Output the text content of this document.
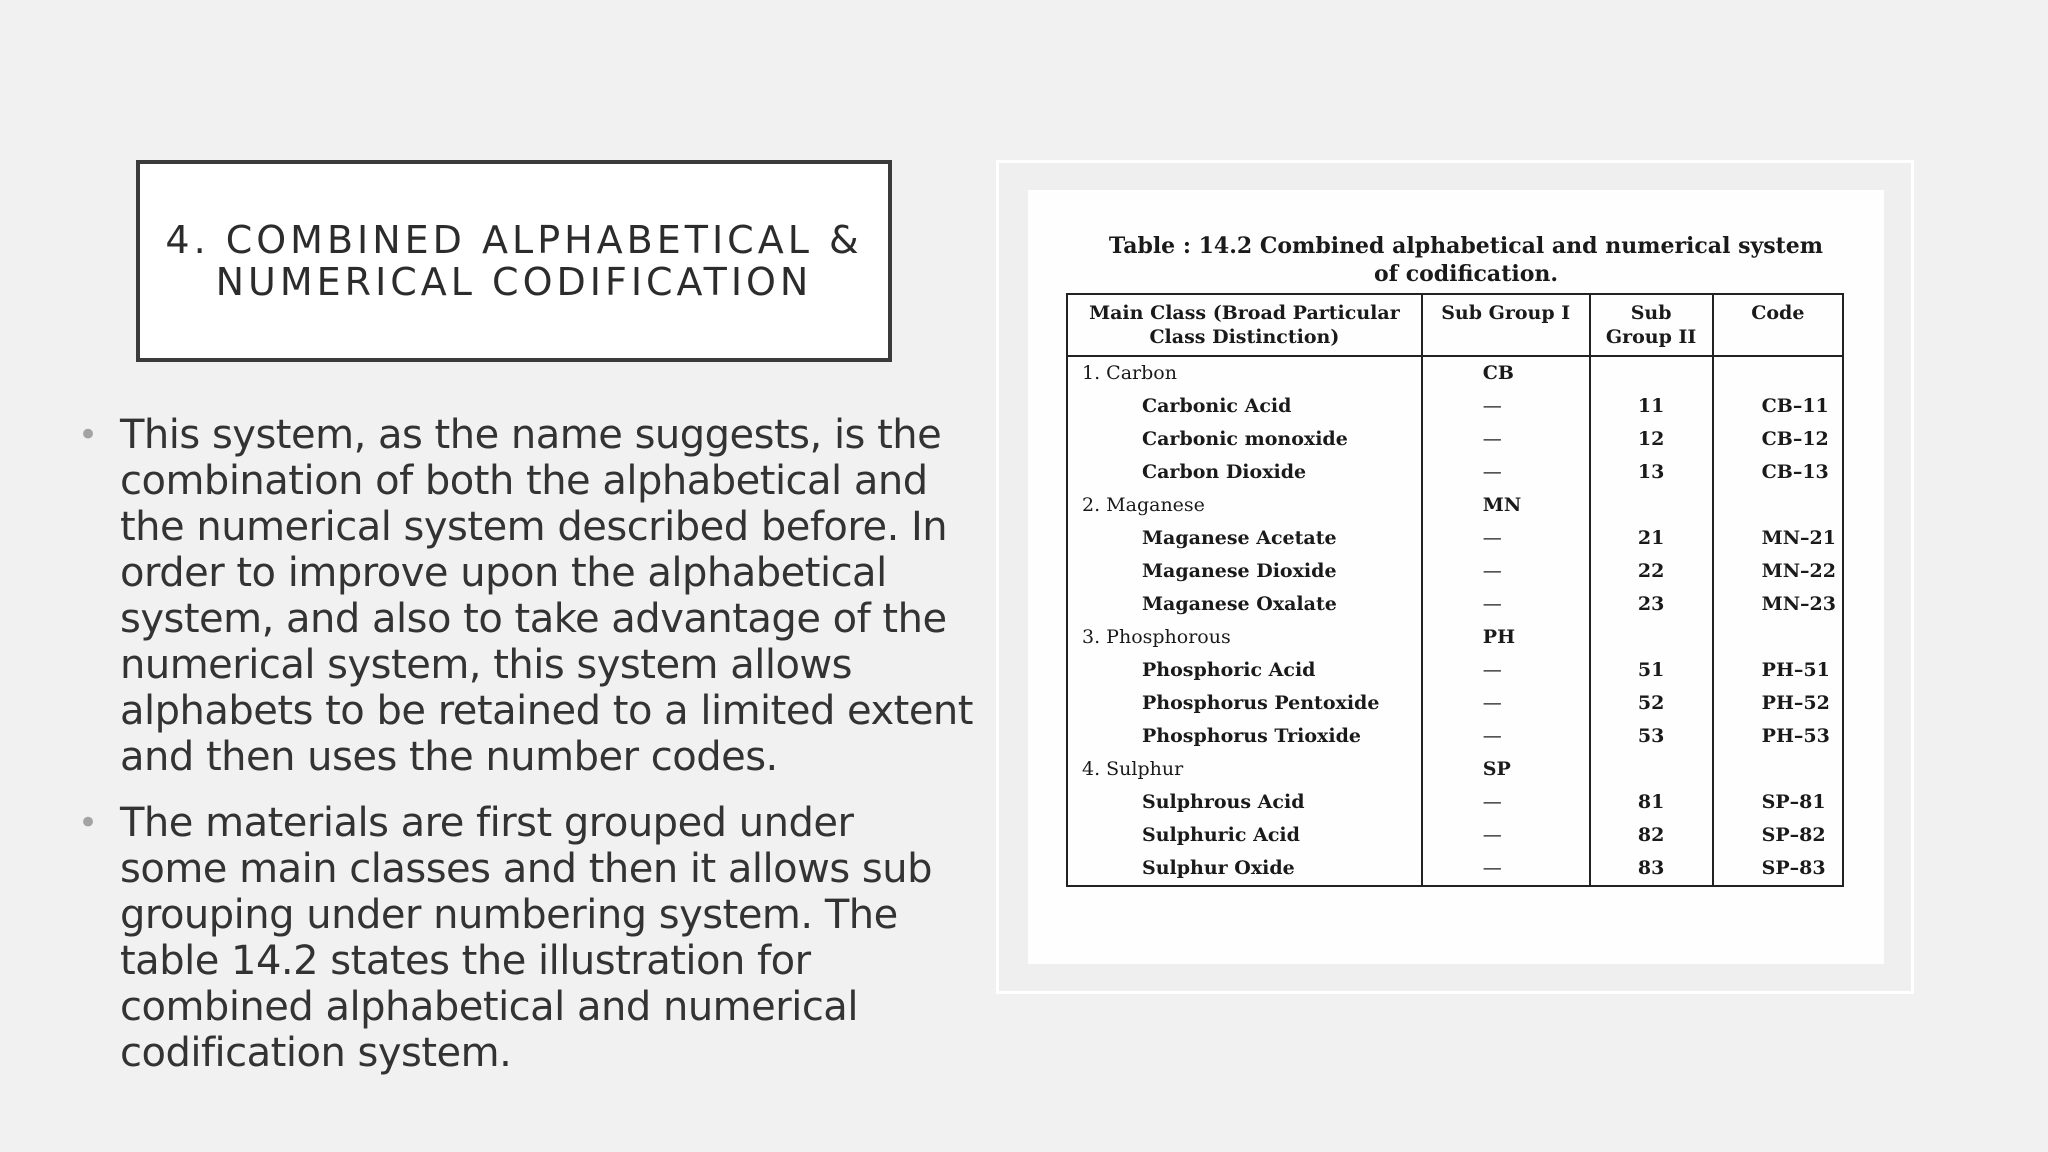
4. COMBINED ALPHABETICAL &
NUMERICAL CODIFICATION
• This system, as the name suggests, is the
combination of both the alphabetical and
the numerical system described before. In
order to improve upon the alphabetical
system, and also to take advantage of the
numerical system, this system allows
alphabets to be retained to a limited extent
and then uses the number codes.
• The materials are first grouped under
some main classes and then it allows sub
grouping under numbering system. The
table 14.2 states the illustration for
combined alphabetical and numerical
codification system.
Table : 14.2 Combined alphabetical and numerical system
of codification.
Main Class (Broad Particular Class Distinction)	Sub Group I	Sub Group II	Code
1. Carbon	CB		
Carbonic Acid	—	11	CB–11
Carbonic monoxide	—	12	CB–12
Carbon Dioxide	—	13	CB–13
2. Maganese	MN		
Maganese Acetate	—	21	MN–21
Maganese Dioxide	—	22	MN–22
Maganese Oxalate	—	23	MN–23
3. Phosphorous	PH		
Phosphoric Acid	—	51	PH–51
Phosphorus Pentoxide	—	52	PH–52
Phosphorus Trioxide	—	53	PH–53
4. Sulphur	SP		
Sulphrous Acid	—	81	SP–81
Sulphuric Acid	—	82	SP–82
Sulphur Oxide	—	83	SP–83
